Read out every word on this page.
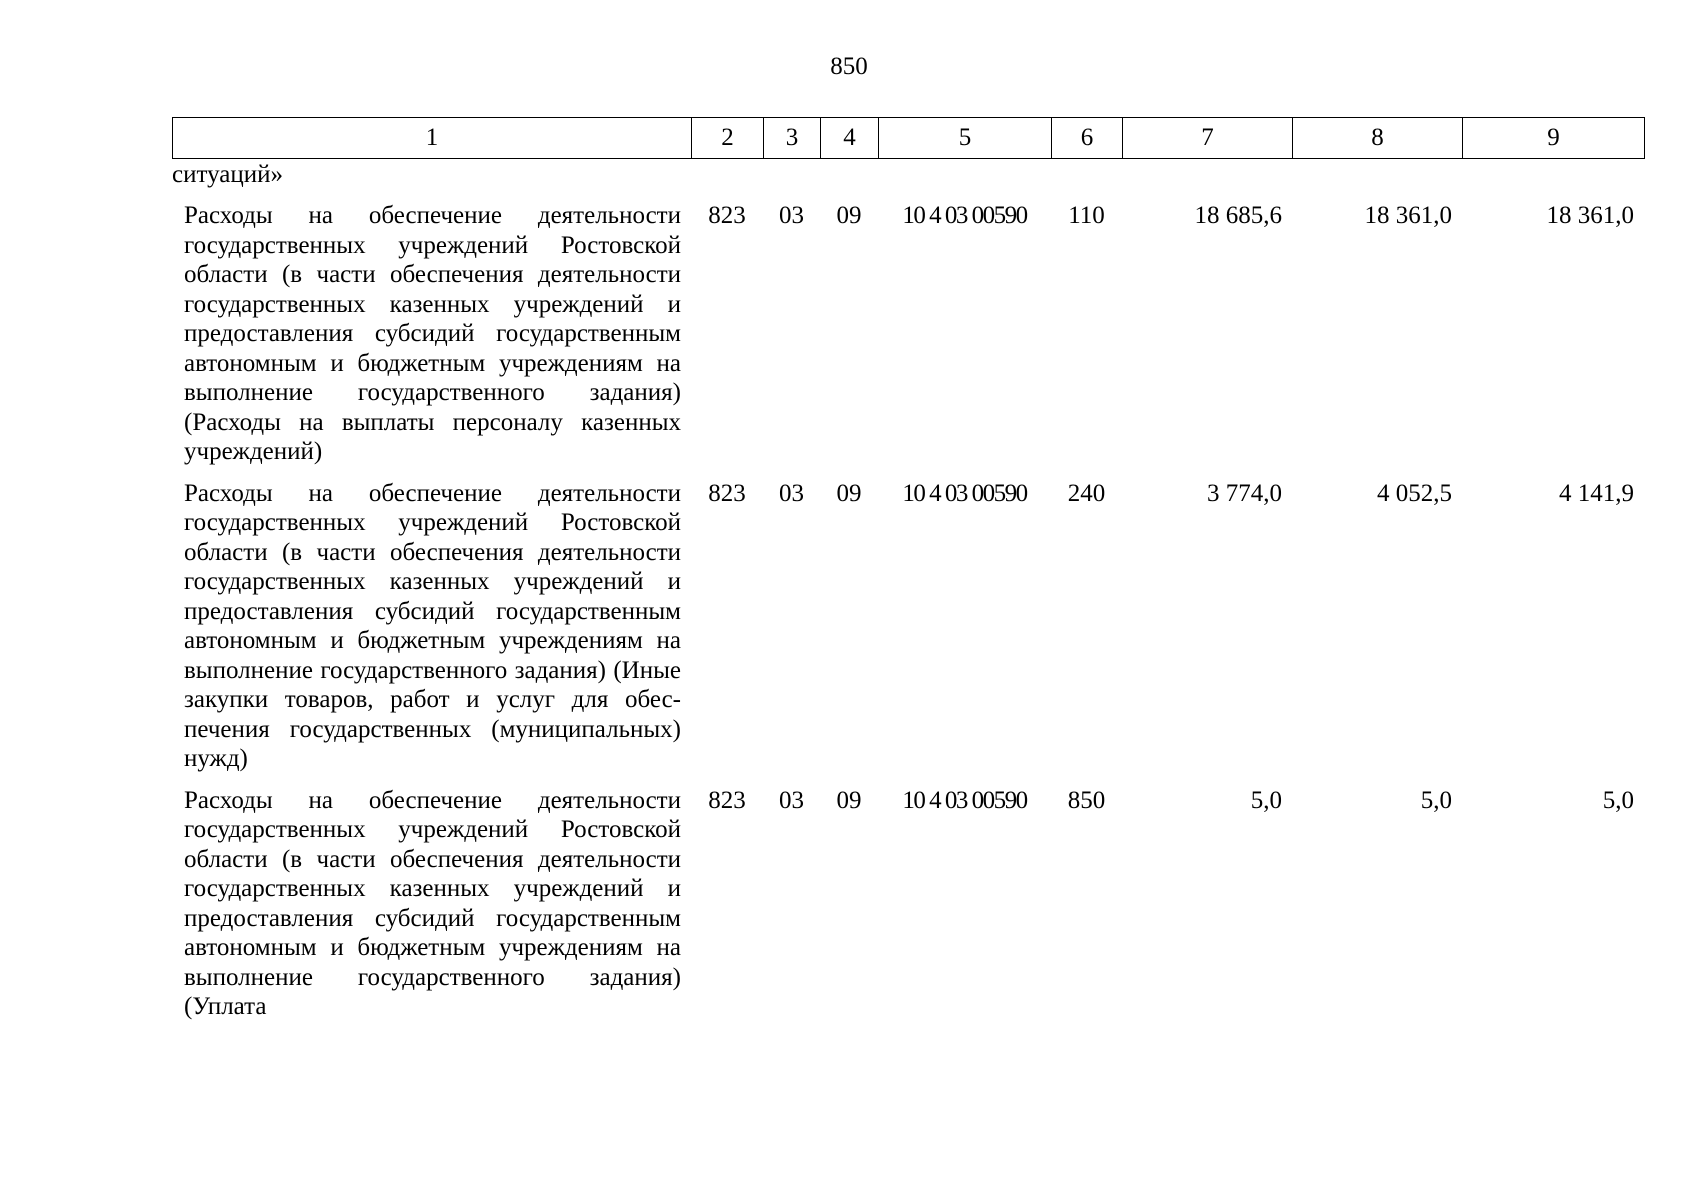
850
1	2	3	4	5	6	7	8	9
ситуаций»
Расходы на обеспечение деятельности государственных учреждений Ростовской области (в части обеспечения деятельности государственных казенных учреждений и предоставления субсидий государственным автономным и бюджетным учреждениям на выполнение государственного задания) (Расходы на выплаты персоналу казенных учреждений)	823	03	09	10 4 03 00590	110	18 685,6	18 361,0	18 361,0
Расходы на обеспечение деятельности государственных учреждений Ростовской области (в части обеспечения деятельности государственных казенных учреждений и предоставления субсидий государственным автономным и бюджетным учреждениям на выполнение государственного задания) (Иные закупки товаров, работ и услуг для обеспечения государственных (муниципальных) нужд)	823	03	09	10 4 03 00590	240	3 774,0	4 052,5	4 141,9
Расходы на обеспечение деятельности государственных учреждений Ростовской области (в части обеспечения деятельности государственных казенных учреждений и предоставления субсидий государственным автономным и бюджетным учреждениям на выполнение государственного задания) (Уплата	823	03	09	10 4 03 00590	850	5,0	5,0	5,0
